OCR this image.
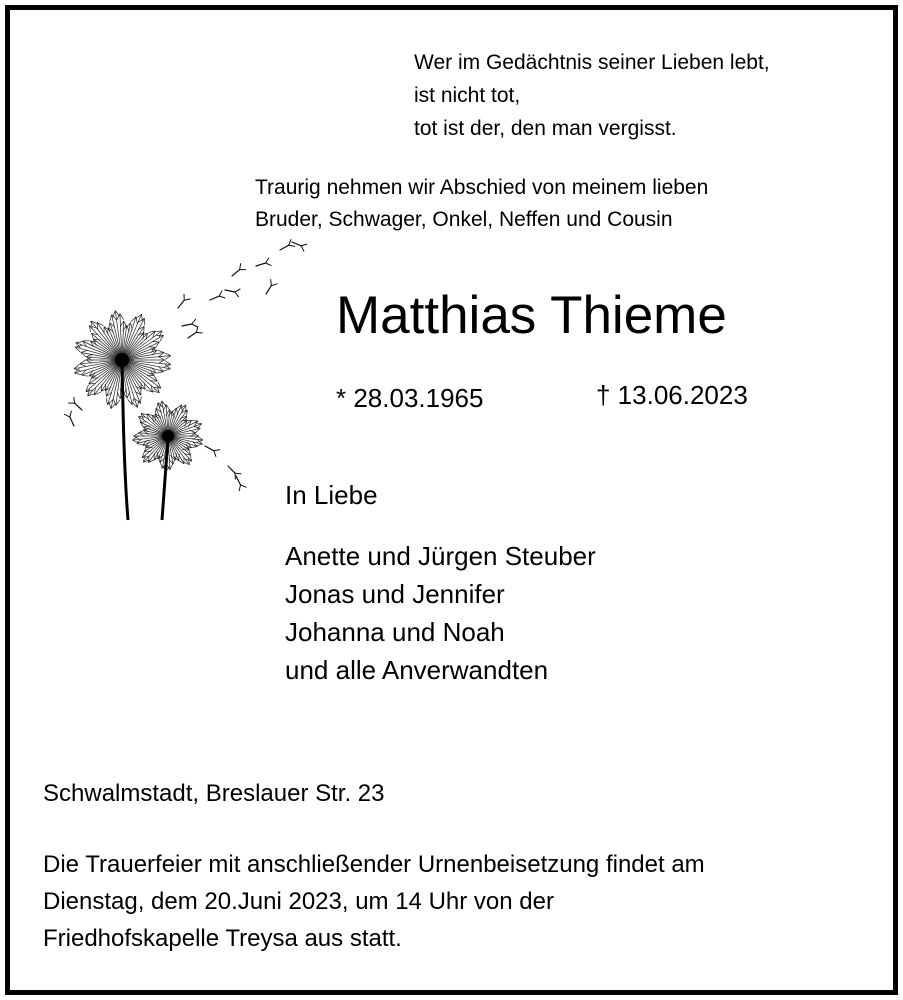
Wer im Gedächtnis seiner Lieben lebt,
ist nicht tot,
tot ist der, den man vergisst.
Traurig nehmen wir Abschied von meinem lieben
Bruder, Schwager, Onkel, Neffen und Cousin
Matthias Thieme
* 28.03.1965	† 13.06.2023
In Liebe
Anette und Jürgen Steuber
Jonas und Jennifer
Johanna und Noah
und alle Anverwandten
Schwalmstadt, Breslauer Str. 23
Die Trauerfeier mit anschließender Urnenbeisetzung findet am
Dienstag, dem 20.Juni 2023, um 14 Uhr von der
Friedhofskapelle Treysa aus statt.
